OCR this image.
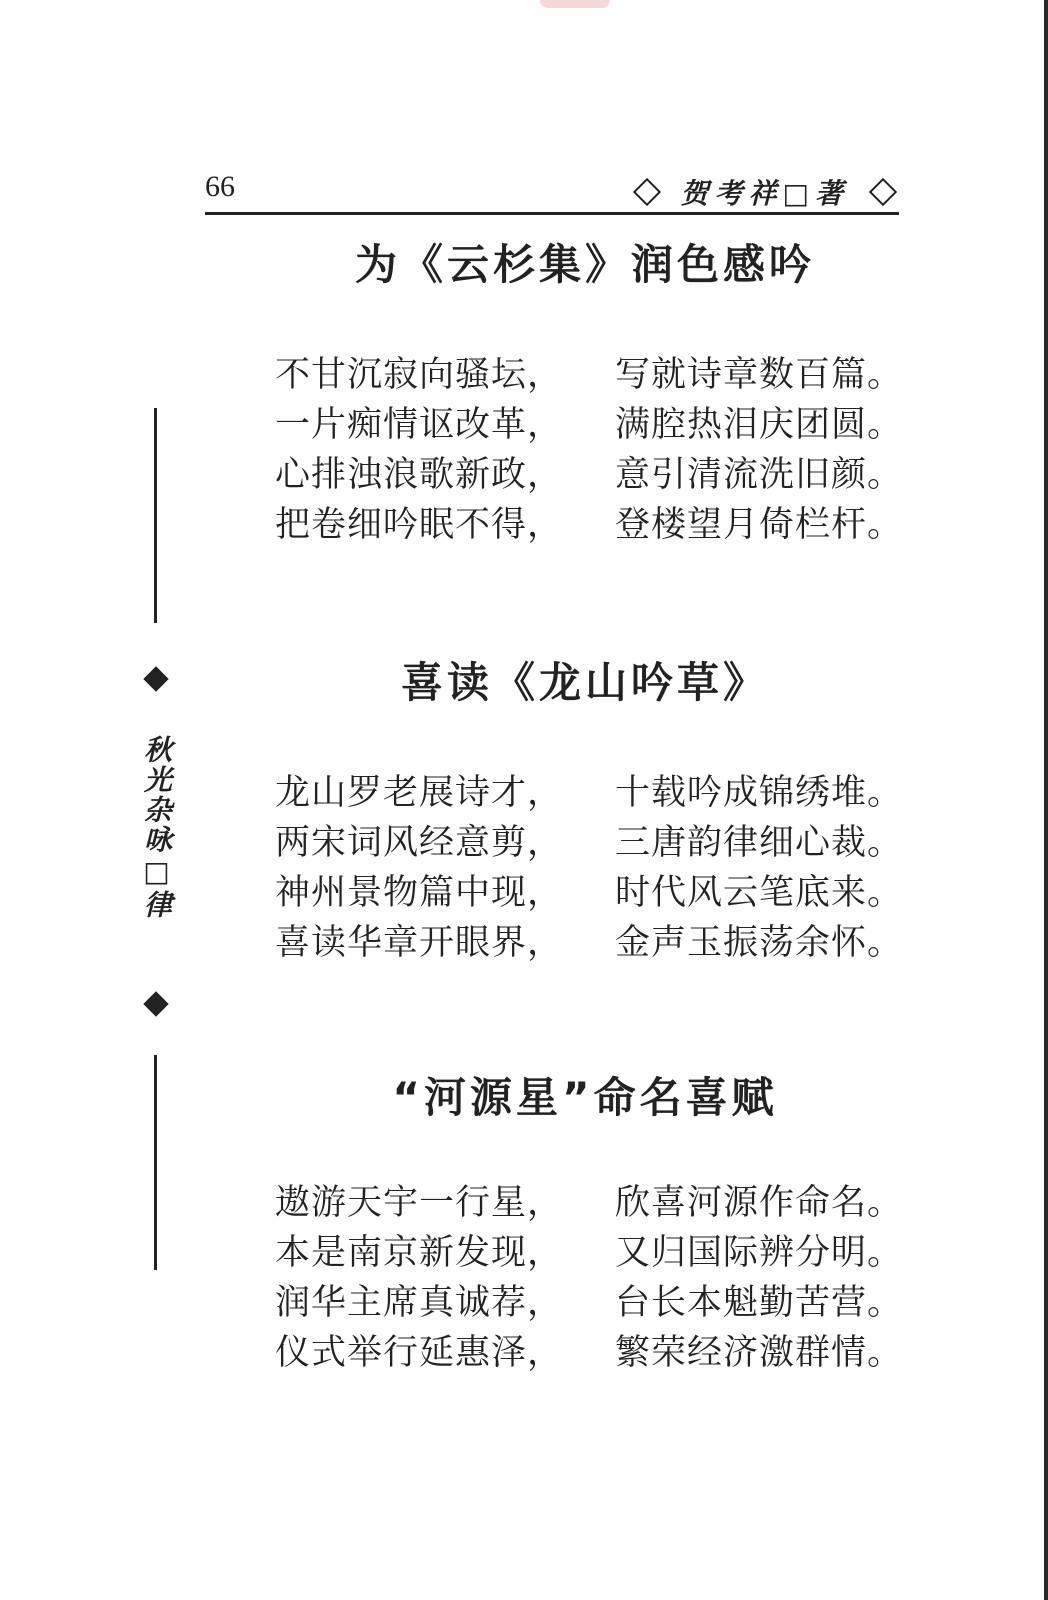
66	贺考祥□著
秋光杂咏□律
为《云杉集》润色感吟
不甘沉寂向骚坛，	写就诗章数百篇。
一片痴情讴改革，	满腔热泪庆团圆。
心排浊浪歌新政，	意引清流洗旧颜。
把卷细吟眠不得，	登楼望月倚栏杆。
喜读《龙山吟草》
龙山罗老展诗才，	十载吟成锦绣堆。
两宋词风经意剪，	三唐韵律细心裁。
神州景物篇中现，	时代风云笔底来。
喜读华章开眼界，	金声玉振荡余怀。
“河源星”命名喜赋
遨游天宇一行星，	欣喜河源作命名。
本是南京新发现，	又归国际辨分明。
润华主席真诚荐，	台长本魁勤苦营。
仪式举行延惠泽，	繁荣经济激群情。
